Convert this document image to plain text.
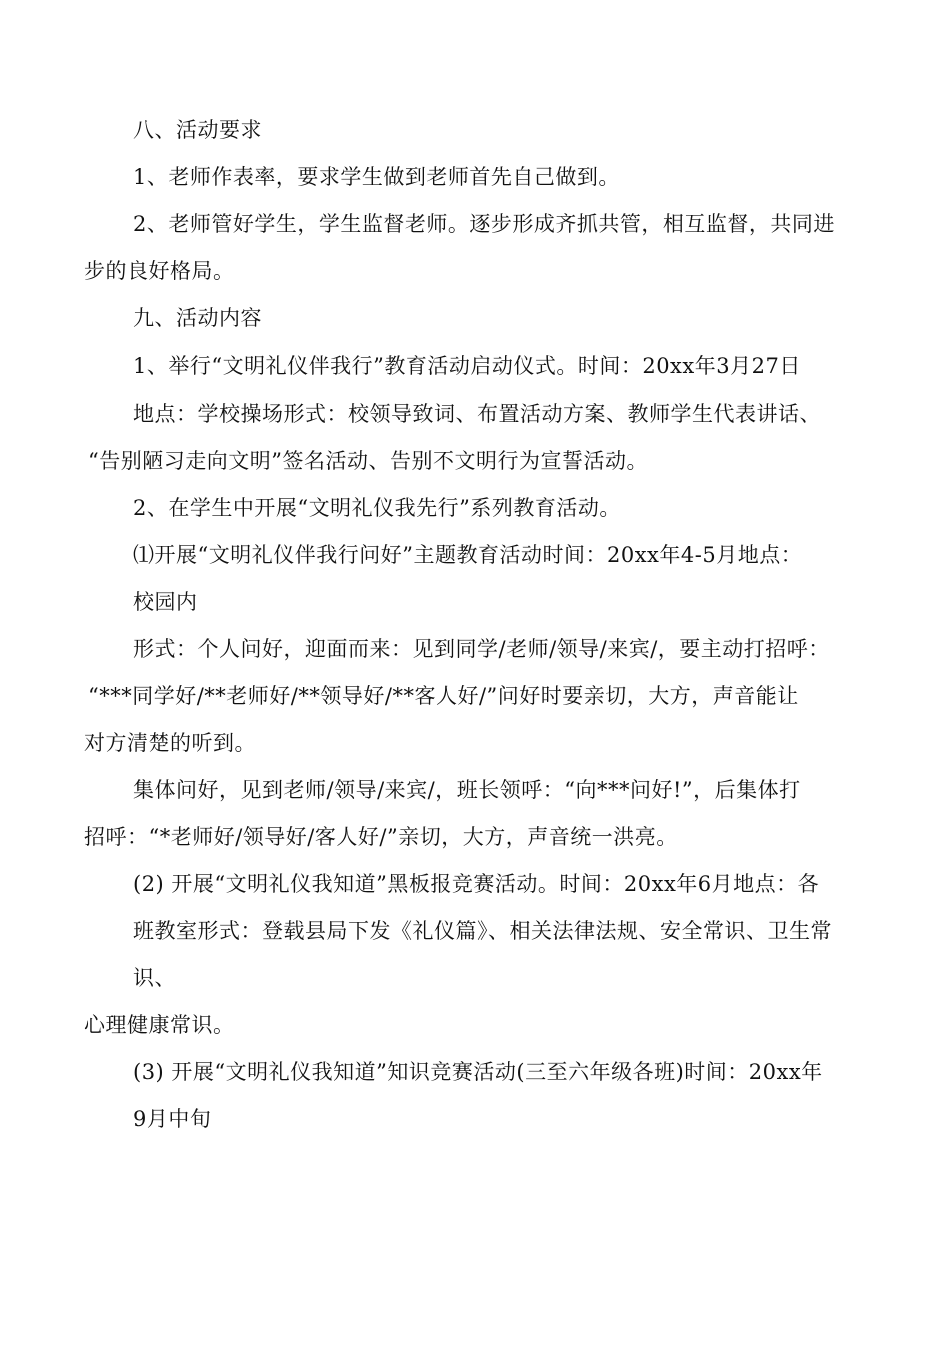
八、活动要求
1、老师作表率，要求学生做到老师首先自己做到。
2、老师管好学生，学生监督老师。逐步形成齐抓共管，相互监督，共同进
步的良好格局。
九、活动内容
1、举行“文明礼仪伴我行”教育活动启动仪式。时间：20xx年3月27日
地点：学校操场形式：校领导致词、布置活动方案、教师学生代表讲话、
“告别陋习走向文明”签名活动、告别不文明行为宣誓活动。
2、在学生中开展“文明礼仪我先行”系列教育活动。
⑴开展“文明礼仪伴我行问好”主题教育活动时间：20xx年4-5月地点：
校园内
形式：个人问好，迎面而来：见到同学/老师/领导/来宾/，要主动打招呼：
“***同学好/**老师好/**领导好/**客人好/”问好时要亲切，大方，声音能让
对方清楚的听到。
集体问好，见到老师/领导/来宾/，班长领呼：“向***问好!”，后集体打
招呼：“*老师好/领导好/客人好/”亲切，大方，声音统一洪亮。
(2) 开展“文明礼仪我知道”黑板报竞赛活动。时间：20xx年6月地点：各
班教室形式：登载县局下发《礼仪篇》、相关法律法规、安全常识、卫生常
识、
心理健康常识。
(3) 开展“文明礼仪我知道”知识竞赛活动(三至六年级各班)时间：20xx年
9月中旬
